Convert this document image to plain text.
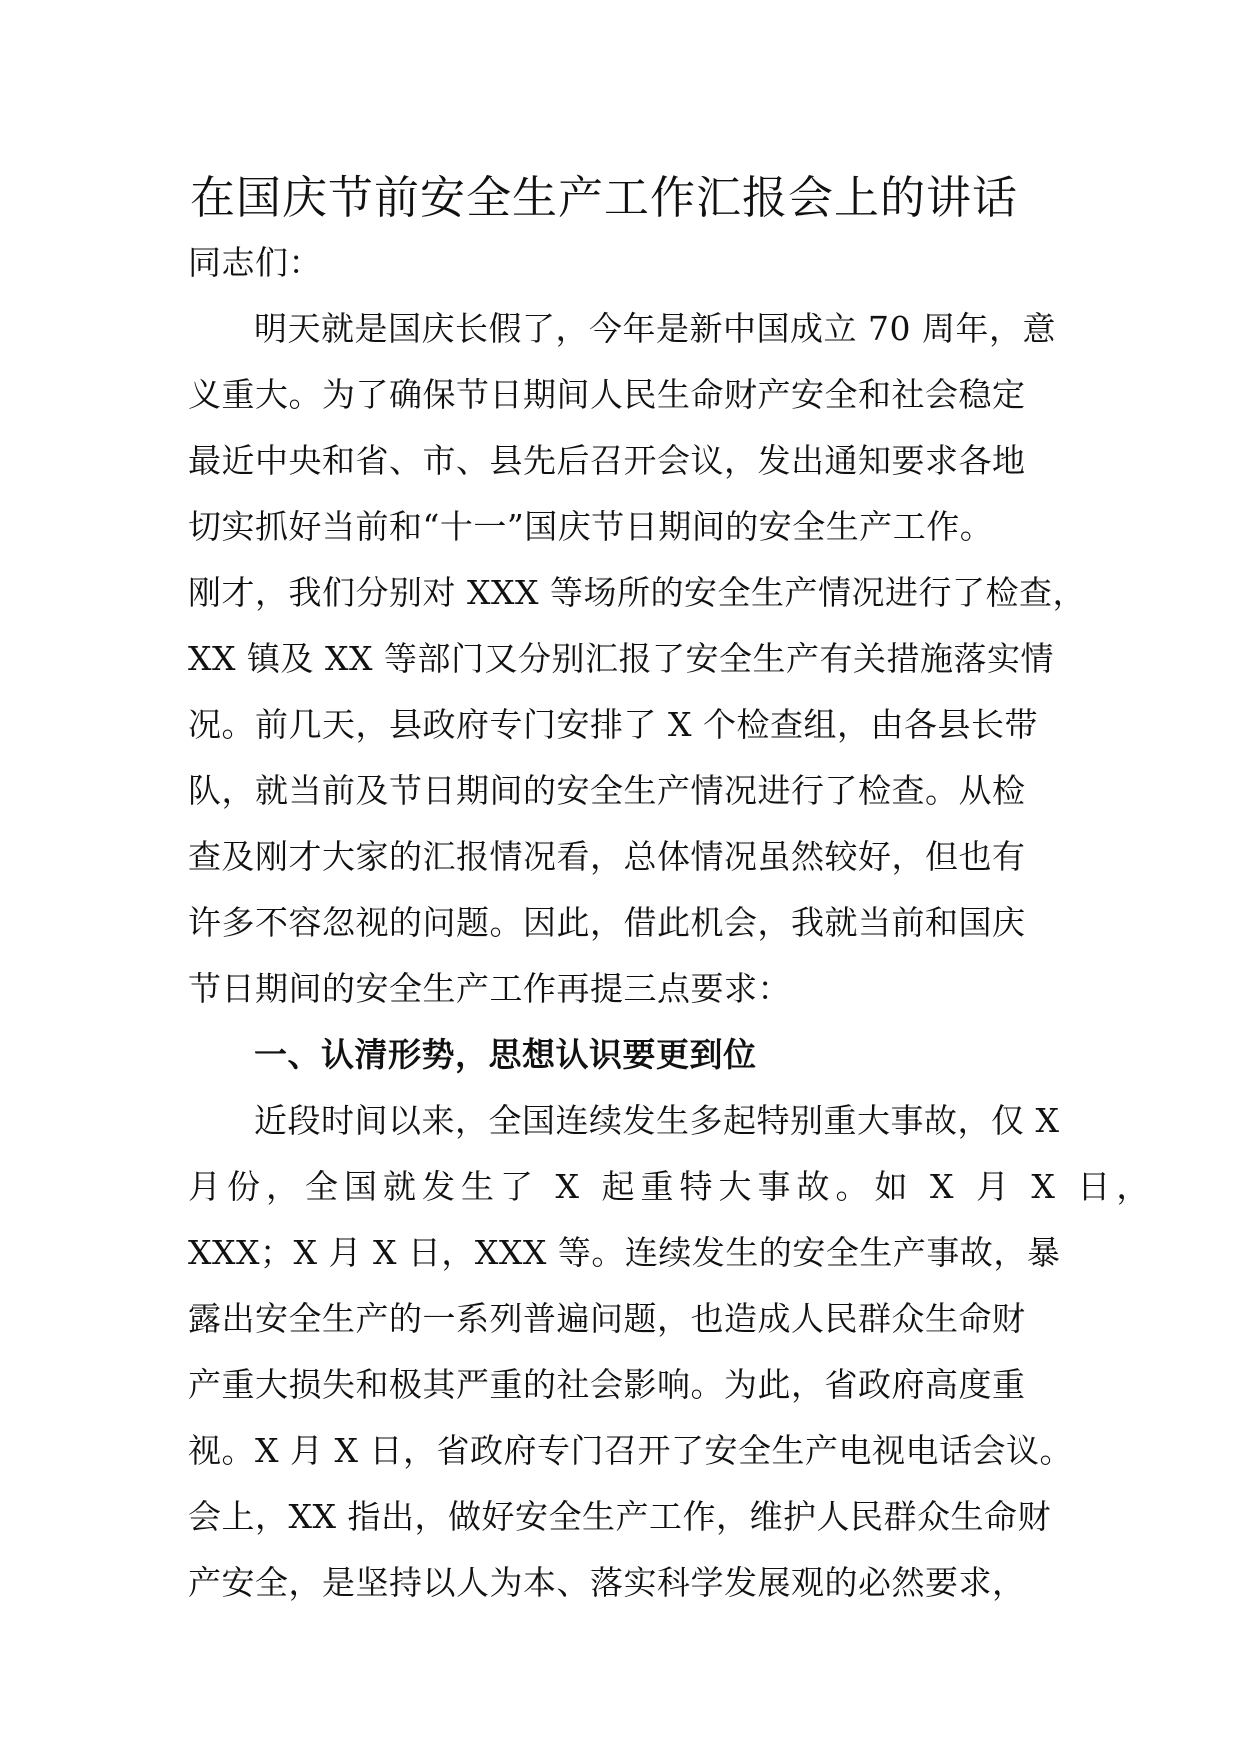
在国庆节前安全生产工作汇报会上的讲话
同志们：
明天就是国庆长假了，今年是新中国成立 70 周年，意
义重大。为了确保节日期间人民生命财产安全和社会稳定
最近中央和省、市、县先后召开会议，发出通知要求各地
切实抓好当前和“十一”国庆节日期间的安全生产工作。
刚才，我们分别对 XXX 等场所的安全生产情况进行了检查，
XX 镇及 XX 等部门又分别汇报了安全生产有关措施落实情
况。前几天，县政府专门安排了 X 个检查组，由各县长带
队，就当前及节日期间的安全生产情况进行了检查。从检
查及刚才大家的汇报情况看，总体情况虽然较好，但也有
许多不容忽视的问题。因此，借此机会，我就当前和国庆
节日期间的安全生产工作再提三点要求：
一、认清形势，思想认识要更到位
近段时间以来，全国连续发生多起特别重大事故，仅 X
月份，全国就发生了 X 起重特大事故。如 X 月 X 日，
XXX；X 月 X 日，XXX 等。连续发生的安全生产事故，暴
露出安全生产的一系列普遍问题，也造成人民群众生命财
产重大损失和极其严重的社会影响。为此，省政府高度重
视。X 月 X 日，省政府专门召开了安全生产电视电话会议。
会上，XX 指出，做好安全生产工作，维护人民群众生命财
产安全，是坚持以人为本、落实科学发展观的必然要求，
